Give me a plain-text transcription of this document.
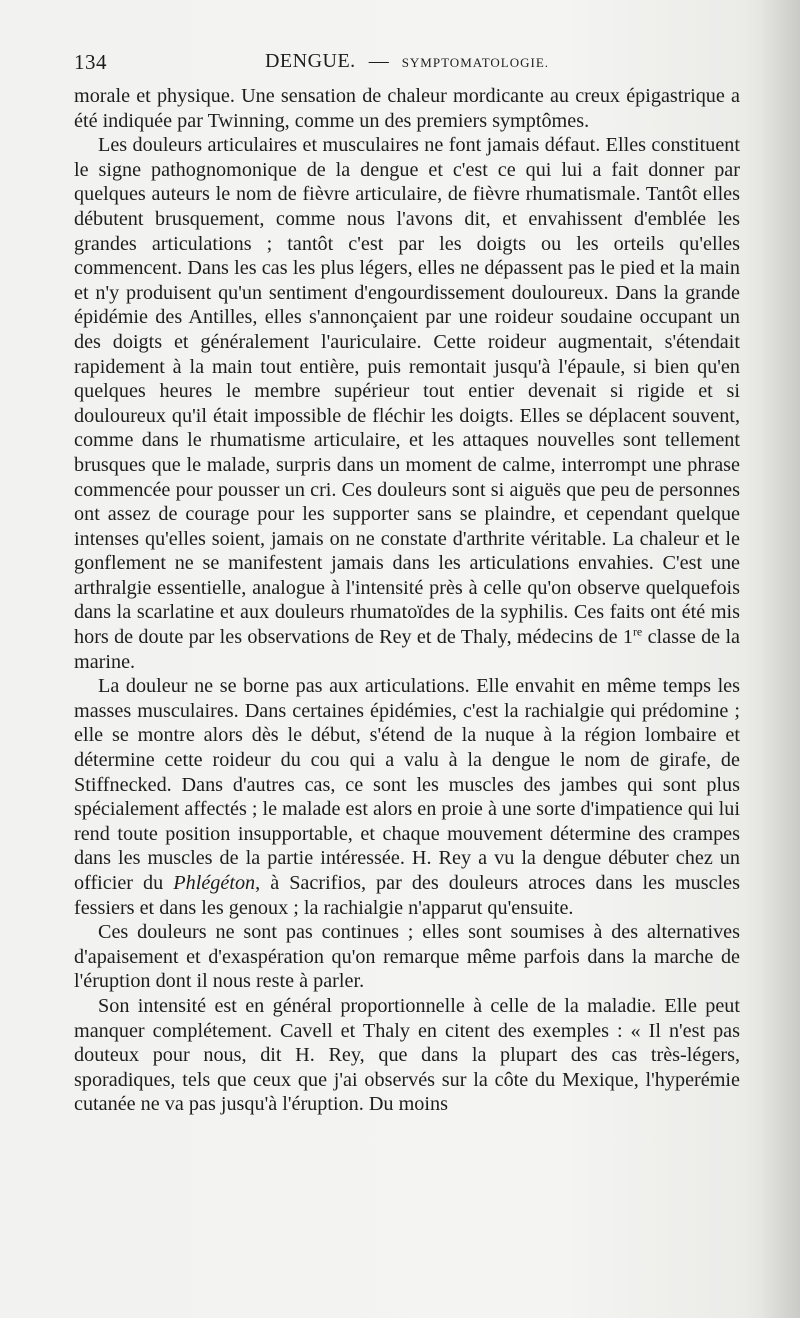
134	DENGUE. — SYMPTOMATOLOGIE.

morale et physique. Une sensation de chaleur mordicante au creux épigastrique a été indiquée par Twinning, comme un des premiers symptômes.

Les douleurs articulaires et musculaires ne font jamais défaut. Elles constituent le signe pathognomonique de la dengue et c'est ce qui lui a fait donner par quelques auteurs le nom de fièvre articulaire, de fièvre rhumatismale. Tantôt elles débutent brusquement, comme nous l'avons dit, et envahissent d'emblée les grandes articulations ; tantôt c'est par les doigts ou les orteils qu'elles commencent. Dans les cas les plus légers, elles ne dépassent pas le pied et la main et n'y produisent qu'un sentiment d'engourdissement douloureux. Dans la grande épidémie des Antilles, elles s'annonçaient par une roideur soudaine occupant un des doigts et généralement l'auriculaire. Cette roideur augmentait, s'étendait rapidement à la main tout entière, puis remontait jusqu'à l'épaule, si bien qu'en quelques heures le membre supérieur tout entier devenait si rigide et si douloureux qu'il était impossible de fléchir les doigts. Elles se déplacent souvent, comme dans le rhumatisme articulaire, et les attaques nouvelles sont tellement brusques que le malade, surpris dans un moment de calme, interrompt une phrase commencée pour pousser un cri. Ces douleurs sont si aiguës que peu de personnes ont assez de courage pour les supporter sans se plaindre, et cependant quelque intenses qu'elles soient, jamais on ne constate d'arthrite véritable. La chaleur et le gonflement ne se manifestent jamais dans les articulations envahies. C'est une arthralgie essentielle, analogue à l'intensité près à celle qu'on observe quelquefois dans la scarlatine et aux douleurs rhumatoïdes de la syphilis. Ces faits ont été mis hors de doute par les observations de Rey et de Thaly, médecins de 1re classe de la marine.

La douleur ne se borne pas aux articulations. Elle envahit en même temps les masses musculaires. Dans certaines épidémies, c'est la rachialgie qui prédomine ; elle se montre alors dès le début, s'étend de la nuque à la région lombaire et détermine cette roideur du cou qui a valu à la dengue le nom de girafe, de Stiffnecked. Dans d'autres cas, ce sont les muscles des jambes qui sont plus spécialement affectés ; le malade est alors en proie à une sorte d'impatience qui lui rend toute position insupportable, et chaque mouvement détermine des crampes dans les muscles de la partie intéressée. H. Rey a vu la dengue débuter chez un officier du Phlégéton, à Sacrifios, par des douleurs atroces dans les muscles fessiers et dans les genoux ; la rachialgie n'apparut qu'ensuite.

Ces douleurs ne sont pas continues ; elles sont soumises à des alternatives d'apaisement et d'exaspération qu'on remarque même parfois dans la marche de l'éruption dont il nous reste à parler.

Son intensité est en général proportionnelle à celle de la maladie. Elle peut manquer complétement. Cavell et Thaly en citent des exemples : « Il n'est pas douteux pour nous, dit H. Rey, que dans la plupart des cas très-légers, sporadiques, tels que ceux que j'ai observés sur la côte du Mexique, l'hyperémie cutanée ne va pas jusqu'à l'éruption. Du moins
